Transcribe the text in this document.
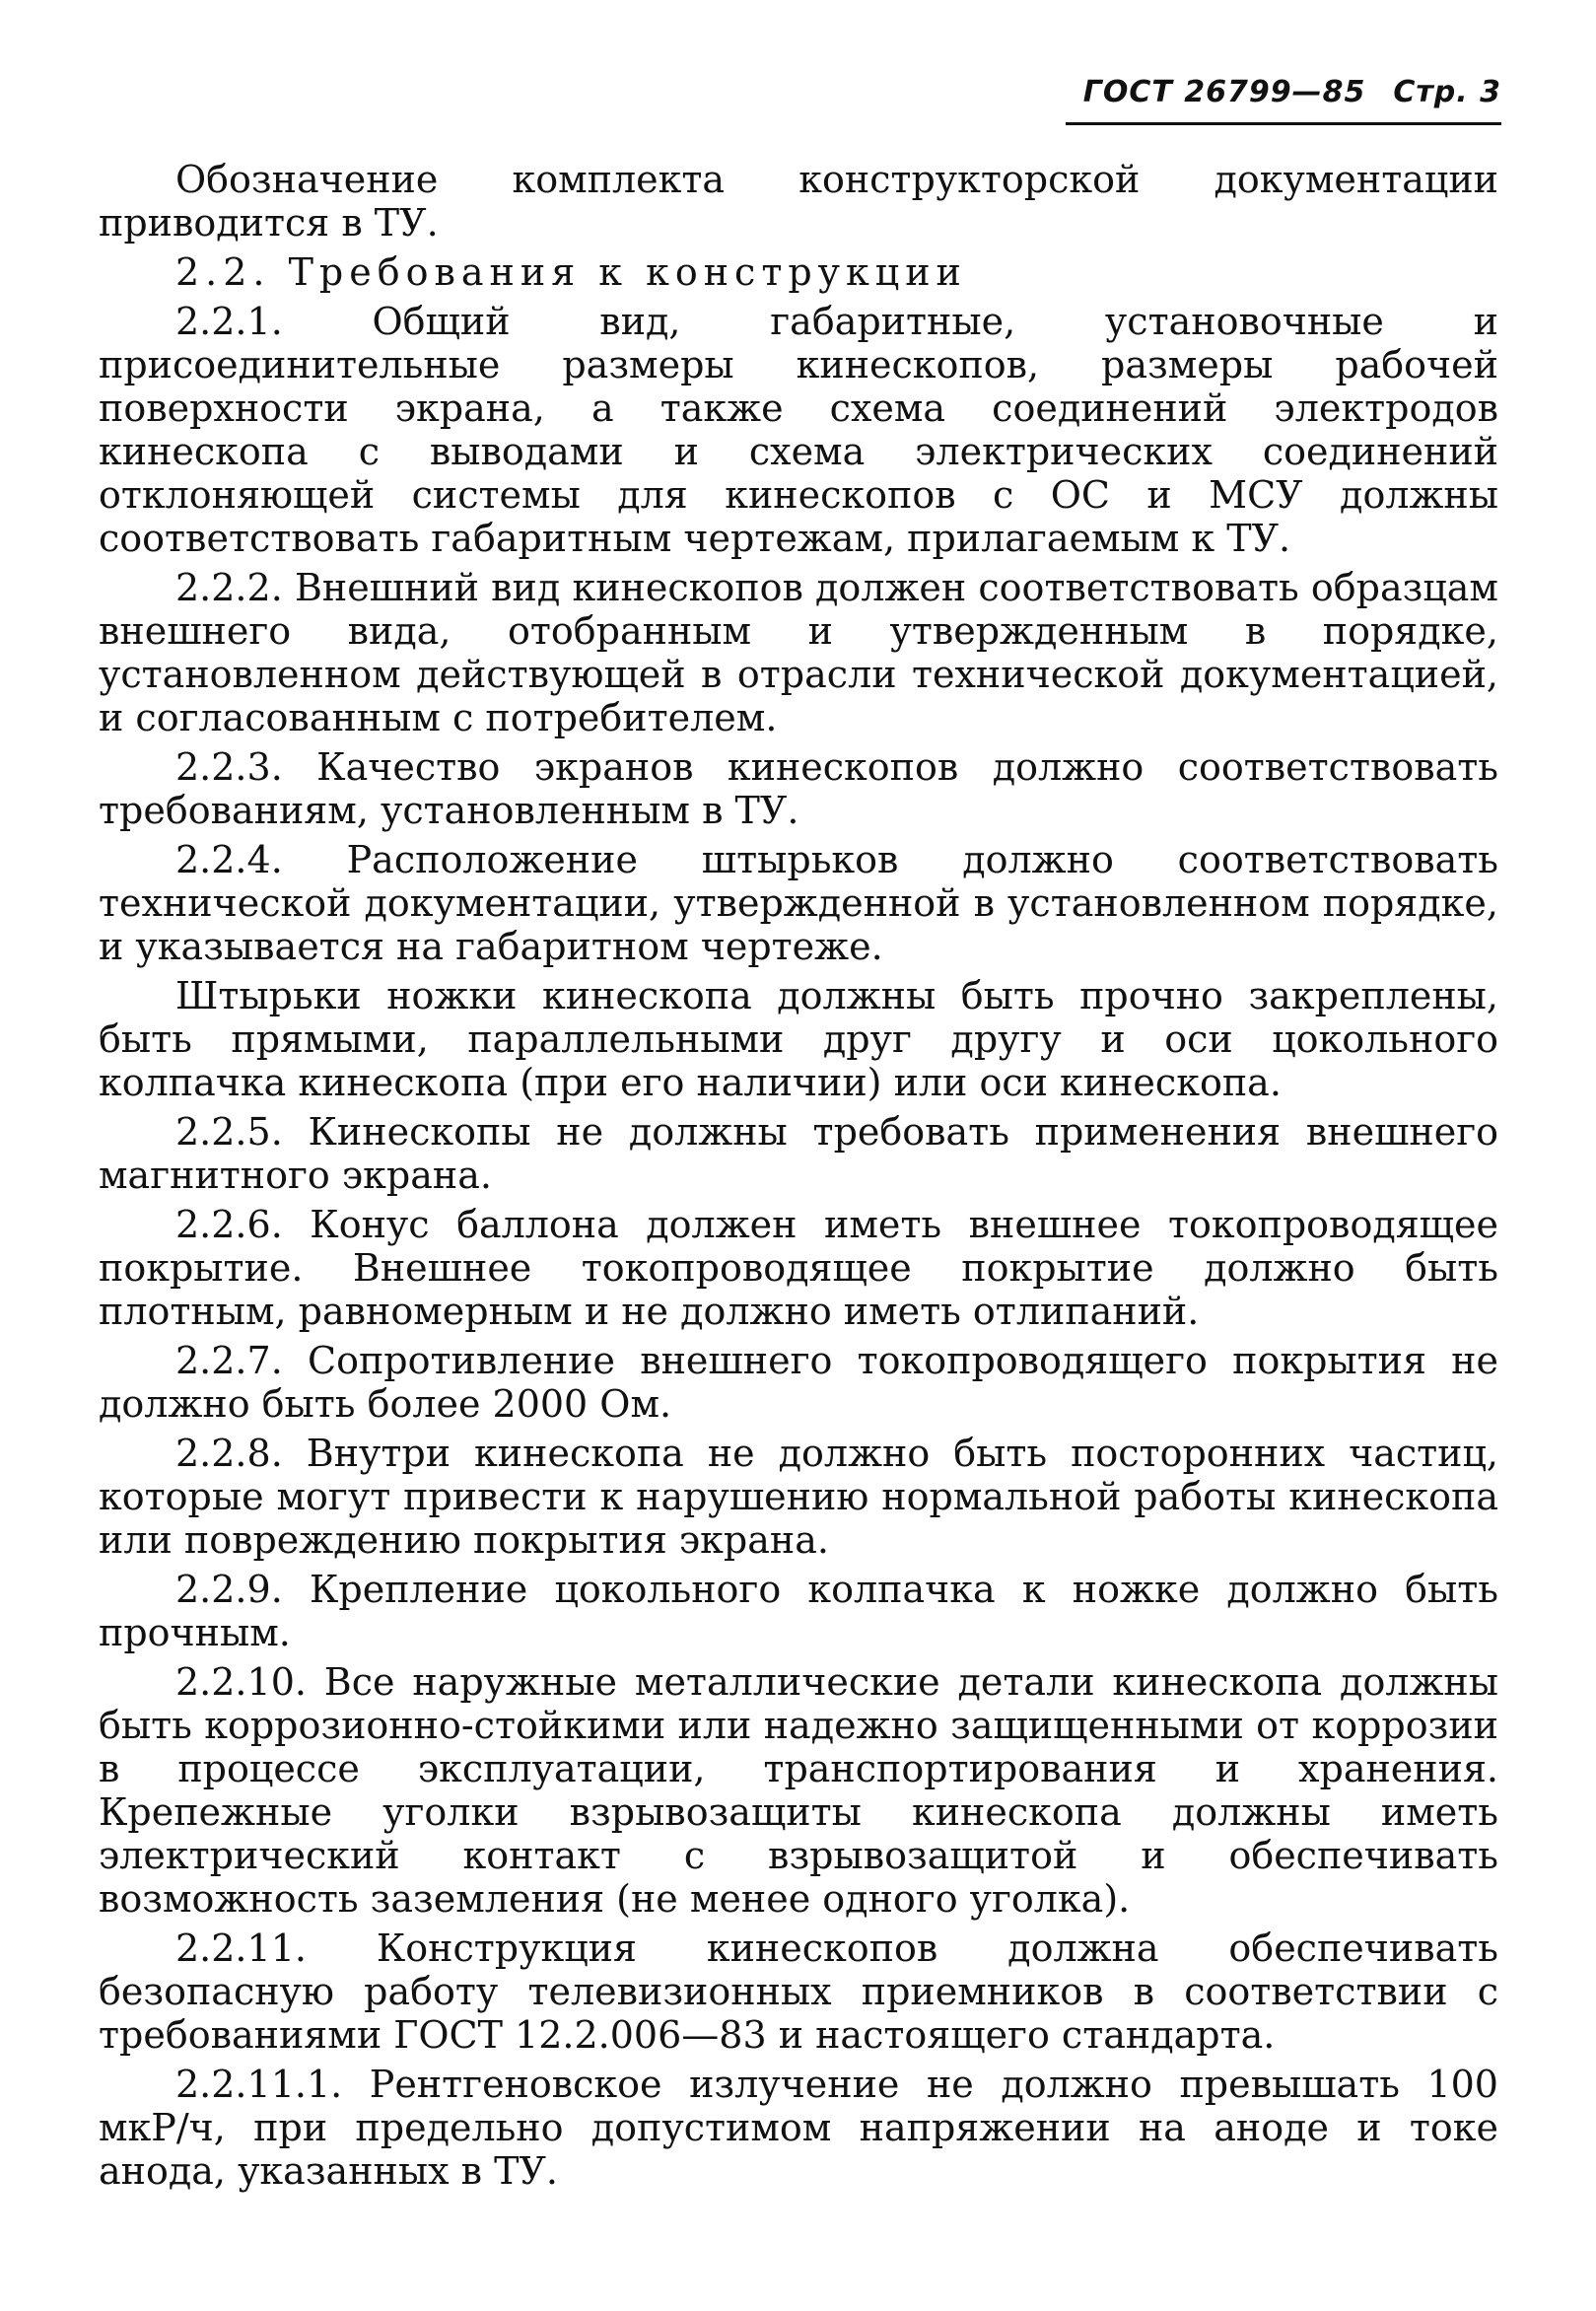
ГОСТ 26799—85 Стр. 3

Обозначение комплекта конструкторской документации приводится в ТУ.

2.2. Требования к конструкции

2.2.1. Общий вид, габаритные, установочные и присоединительные размеры кинескопов, размеры рабочей поверхности экрана, а также схема соединений электродов кинескопа с выводами и схема электрических соединений отклоняющей системы для кинескопов с ОС и МСУ должны соответствовать габаритным чертежам, прилагаемым к ТУ.

2.2.2. Внешний вид кинескопов должен соответствовать образцам внешнего вида, отобранным и утвержденным в порядке, установленном действующей в отрасли технической документацией, и согласованным с потребителем.

2.2.3. Качество экранов кинескопов должно соответствовать требованиям, установленным в ТУ.

2.2.4. Расположение штырьков должно соответствовать технической документации, утвержденной в установленном порядке, и указывается на габаритном чертеже.

Штырьки ножки кинескопа должны быть прочно закреплены, быть прямыми, параллельными друг другу и оси цокольного колпачка кинескопа (при его наличии) или оси кинескопа.

2.2.5. Кинескопы не должны требовать применения внешнего магнитного экрана.

2.2.6. Конус баллона должен иметь внешнее токопроводящее покрытие. Внешнее токопроводящее покрытие должно быть плотным, равномерным и не должно иметь отлипаний.

2.2.7. Сопротивление внешнего токопроводящего покрытия не должно быть более 2000 Ом.

2.2.8. Внутри кинескопа не должно быть посторонних частиц, которые могут привести к нарушению нормальной работы кинескопа или повреждению покрытия экрана.

2.2.9. Крепление цокольного колпачка к ножке должно быть прочным.

2.2.10. Все наружные металлические детали кинескопа должны быть коррозионно-стойкими или надежно защищенными от коррозии в процессе эксплуатации, транспортирования и хранения. Крепежные уголки взрывозащиты кинескопа должны иметь электрический контакт с взрывозащитой и обеспечивать возможность заземления (не менее одного уголка).

2.2.11. Конструкция кинескопов должна обеспечивать безопасную работу телевизионных приемников в соответствии с требованиями ГОСТ 12.2.006—83 и настоящего стандарта.

2.2.11.1. Рентгеновское излучение не должно превышать 100 мкР/ч, при предельно допустимом напряжении на аноде и токе анода, указанных в ТУ.
